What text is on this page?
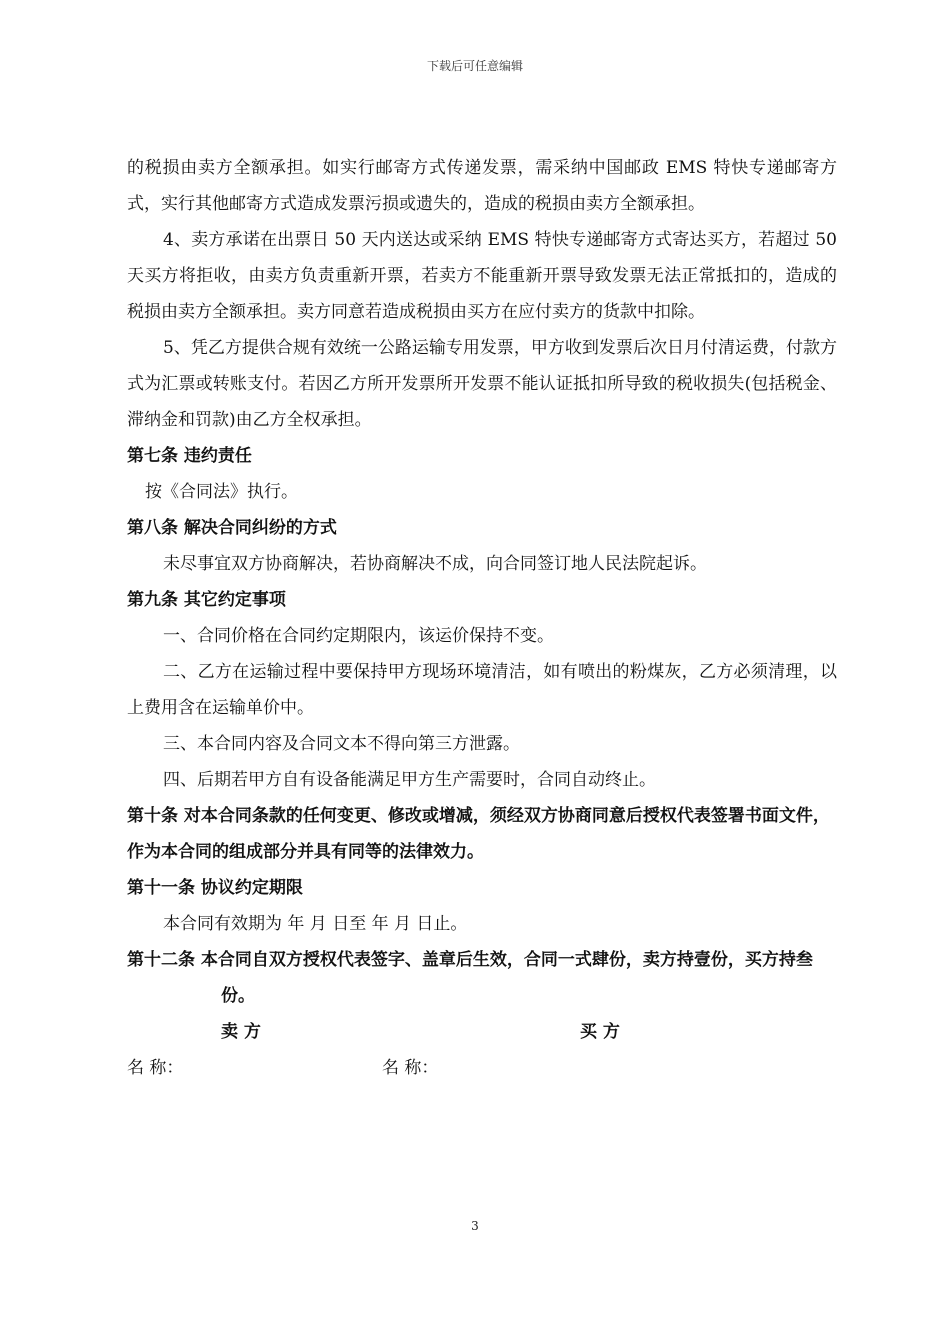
下载后可任意编辑

的税损由卖方全额承担。如实行邮寄方式传递发票，需采纳中国邮政 EMS 特快专递邮寄方式，实行其他邮寄方式造成发票污损或遗失的，造成的税损由卖方全额承担。

4、卖方承诺在出票日 50 天内送达或采纳 EMS 特快专递邮寄方式寄达买方，若超过 50 天买方将拒收，由卖方负责重新开票，若卖方不能重新开票导致发票无法正常抵扣的，造成的税损由卖方全额承担。卖方同意若造成税损由买方在应付卖方的货款中扣除。

5、凭乙方提供合规有效统一公路运输专用发票，甲方收到发票后次日月付清运费，付款方式为汇票或转账支付。若因乙方所开发票所开发票不能认证抵扣所导致的税收损失(包括税金、滞纳金和罚款)由乙方全权承担。

第七条 违约责任

按《合同法》执行。

第八条 解决合同纠纷的方式

未尽事宜双方协商解决，若协商解决不成，向合同签订地人民法院起诉。

第九条 其它约定事项

一、合同价格在合同约定期限内，该运价保持不变。

二、乙方在运输过程中要保持甲方现场环境清洁，如有喷出的粉煤灰，乙方必须清理，以上费用含在运输单价中。

三、本合同内容及合同文本不得向第三方泄露。

四、后期若甲方自有设备能满足甲方生产需要时，合同自动终止。

第十条 对本合同条款的任何变更、修改或增减，须经双方协商同意后授权代表签署书面文件，作为本合同的组成部分并具有同等的法律效力。

第十一条 协议约定期限

本合同有效期为 年 月 日至 年 月 日止。

第十二条 本合同自双方授权代表签字、盖章后生效，合同一式肆份，卖方持壹份，买方持叁份。

卖 方	买 方
名 称：	名 称：
3
